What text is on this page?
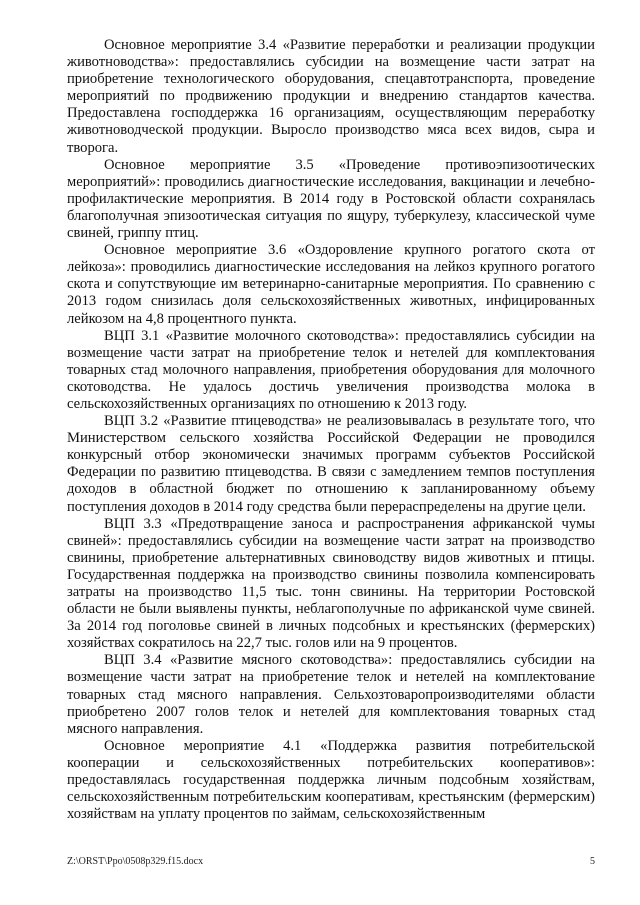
Основное мероприятие 3.4 «Развитие переработки и реализации продукции животноводства»: предоставлялись субсидии на возмещение части затрат на приобретение технологического оборудования, спецавтотранспорта, проведение мероприятий по продвижению продукции и внедрению стандартов качества. Предоставлена господдержка 16 организациям, осуществляющим переработку животноводческой продукции. Выросло производство мяса всех видов, сыра и творога.

Основное мероприятие 3.5 «Проведение противоэпизоотических мероприятий»: проводились диагностические исследования, вакцинации и лечебно-профилактические мероприятия. В 2014 году в Ростовской области сохранялась благополучная эпизоотическая ситуация по ящуру, туберкулезу, классической чуме свиней, гриппу птиц.

Основное мероприятие 3.6 «Оздоровление крупного рогатого скота от лейкоза»: проводились диагностические исследования на лейкоз крупного рогатого скота и сопутствующие им ветеринарно-санитарные мероприятия. По сравнению с 2013 годом снизилась доля сельскохозяйственных животных, инфицированных лейкозом на 4,8 процентного пункта.

ВЦП 3.1 «Развитие молочного скотоводства»: предоставлялись субсидии на возмещение части затрат на приобретение телок и нетелей для комплектования товарных стад молочного направления, приобретения оборудования для молочного скотоводства. Не удалось достичь увеличения производства молока в сельскохозяйственных организациях по отношению к 2013 году.

ВЦП 3.2 «Развитие птицеводства» не реализовывалась в результате того, что Министерством сельского хозяйства Российской Федерации не проводился конкурсный отбор экономически значимых программ субъектов Российской Федерации по развитию птицеводства. В связи с замедлением темпов поступления доходов в областной бюджет по отношению к запланированному объему поступления доходов в 2014 году средства были перераспределены на другие цели.

ВЦП 3.3 «Предотвращение заноса и распространения африканской чумы свиней»: предоставлялись субсидии на возмещение части затрат на производство свинины, приобретение альтернативных свиноводству видов животных и птицы. Государственная поддержка на производство свинины позволила компенсировать затраты на производство 11,5 тыс. тонн свинины. На территории Ростовской области не были выявлены пункты, неблагополучные по африканской чуме свиней. За 2014 год поголовье свиней в личных подсобных и крестьянских (фермерских) хозяйствах сократилось на 22,7 тыс. голов или на 9 процентов.

ВЦП 3.4 «Развитие мясного скотоводства»: предоставлялись субсидии на возмещение части затрат на приобретение телок и нетелей на комплектование товарных стад мясного направления. Сельхозтоваропроизводителями области приобретено 2007 голов телок и нетелей для комплектования товарных стад мясного направления.

Основное мероприятие 4.1 «Поддержка развития потребительской кооперации и сельскохозяйственных потребительских кооперативов»: предоставлялась государственная поддержка личным подсобным хозяйствам, сельскохозяйственным потребительским кооперативам, крестьянским (фермерским) хозяйствам на уплату процентов по займам, сельскохозяйственным

Z:\ORST\Ppo\0508p329.f15.docx	5
